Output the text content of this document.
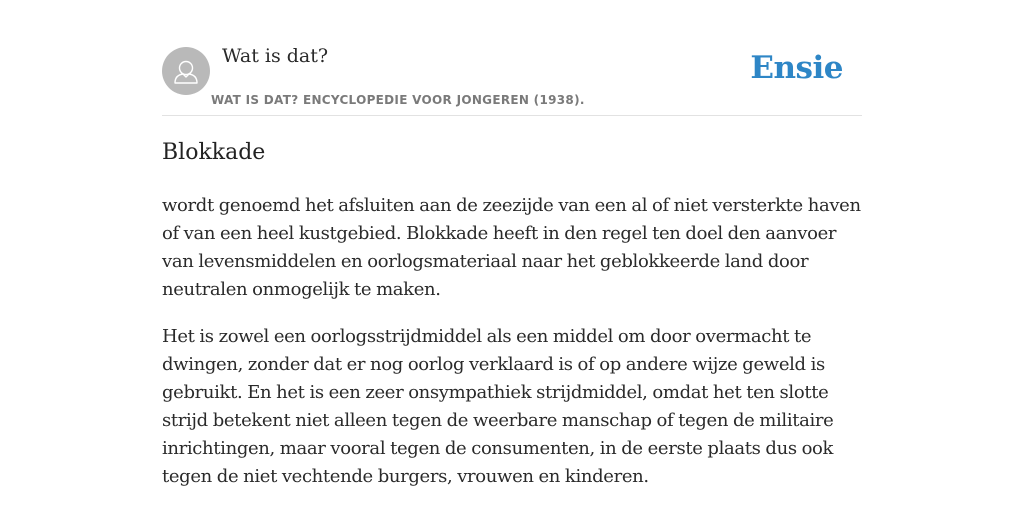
Wat is dat?
WAT IS DAT? ENCYCLOPEDIE VOOR JONGEREN (1938).
Ensie
Blokkade

wordt genoemd het afsluiten aan de zeezijde van een al of niet versterkte haven of van een heel kustgebied. Blokkade heeft in den regel ten doel den aanvoer van levensmiddelen en oorlogsmateriaal naar het geblokkeerde land door neutralen onmogelijk te maken.

Het is zowel een oorlogsstrijdmiddel als een middel om door overmacht te dwingen, zonder dat er nog oorlog verklaard is of op andere wijze geweld is gebruikt. En het is een zeer onsympathiek strijdmiddel, omdat het ten slotte strijd betekent niet alleen tegen de weerbare manschap of tegen de militaire inrichtingen, maar vooral tegen de consumenten, in de eerste plaats dus ook tegen de niet vechtende burgers, vrouwen en kinderen.
